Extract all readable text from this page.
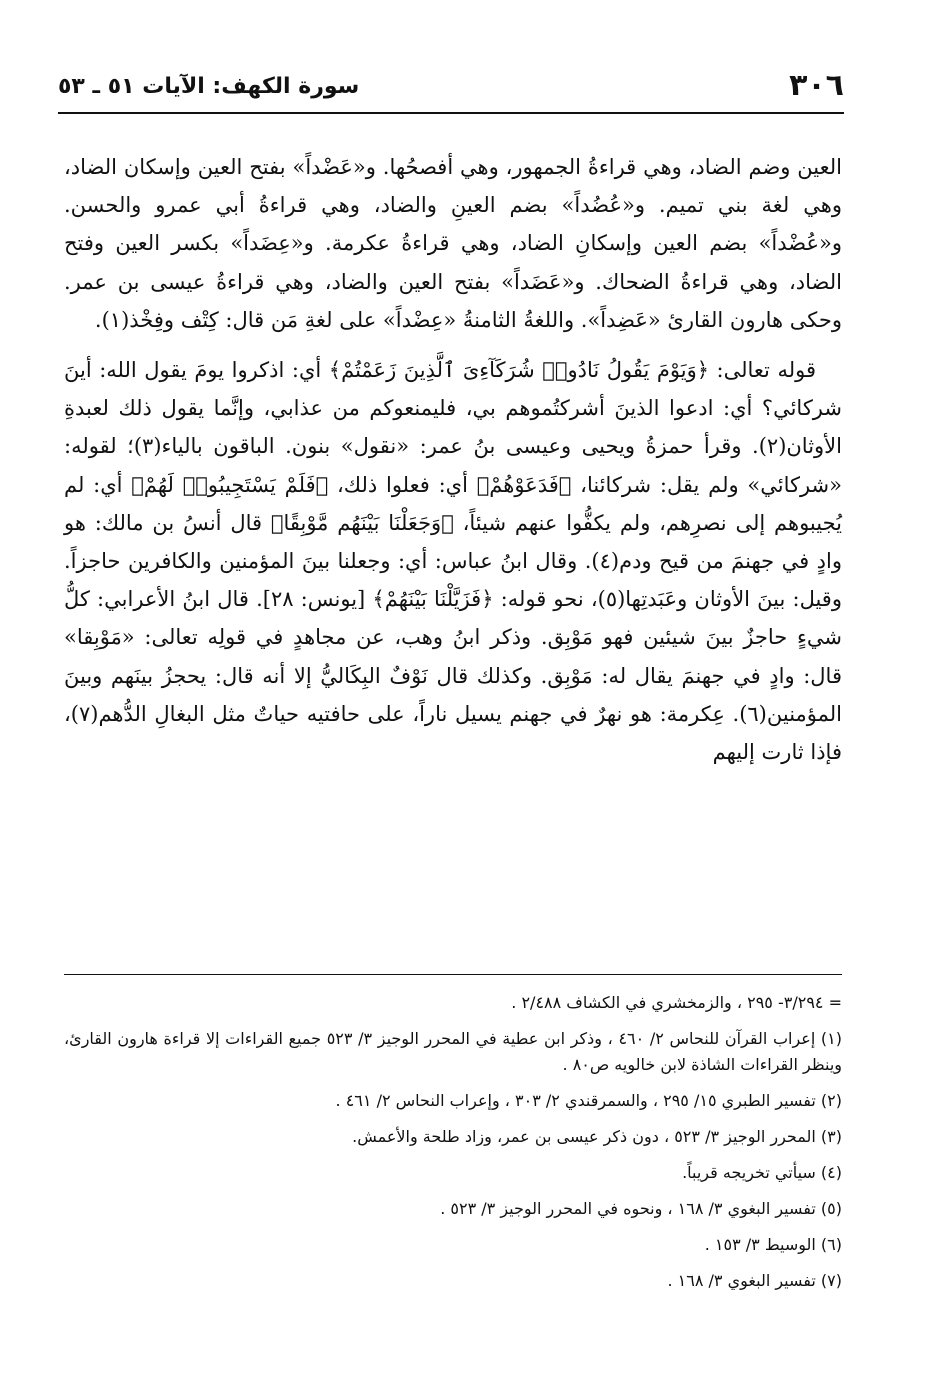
٣٠٦
سورة الكهف: الآيات ٥١ ـ ٥٣

العين وضم الضاد، وهي قراءةُ الجمهور، وهي أفصحُها. و«عَضْداً» بفتح العين وإسكان الضاد، وهي لغة بني تميم. و«عُضُداً» بضم العينِ والضاد، وهي قراءةُ أبي عمرو والحسن. و«عُضْداً» بضم العين وإسكانِ الضاد، وهي قراءةُ عكرمة. و«عِضَداً» بكسر العين وفتح الضاد، وهي قراءةُ الضحاك. و«عَضَداً» بفتح العين والضاد، وهي قراءةُ عيسى بن عمر. وحكى هارون القارئ «عَضِداً». واللغةُ الثامنةُ «عِضْداً» على لغةِ مَن قال: كِتْف وفِخْذ(١).

قوله تعالى: ﴿وَيَوْمَ يَقُولُ نَادُوا۟ شُرَكَآءِىَ ٱلَّذِينَ زَعَمْتُمْ﴾ أي: اذكروا يومَ يقول الله: أينَ شركائي؟ أي: ادعوا الذينَ أشركتُموهم بي، فليمنعوكم من عذابي، وإنَّما يقول ذلك لعبدةِ الأوثان(٢). وقرأ حمزةُ ويحيى وعيسى بنُ عمر: «نقول» بنون. الباقون بالياء(٣)؛ لقوله: «شركائي» ولم يقل: شركائنا، ﴿فَدَعَوْهُمْ﴾ أي: فعلوا ذلك، ﴿فَلَمْ يَسْتَجِيبُوا۟ لَهُمْ﴾ أي: لم يُجيبوهم إلى نصرِهم، ولم يكفُّوا عنهم شيئاً، ﴿وَجَعَلْنَا بَيْنَهُم مَّوْبِقًا﴾ قال أنسُ بن مالك: هو وادٍ في جهنمَ من قيح ودم(٤). وقال ابنُ عباس: أي: وجعلنا بينَ المؤمنين والكافرين حاجزاً. وقيل: بينَ الأوثان وعَبَدتِها(٥)، نحو قوله: ﴿فَزَيَّلْنَا بَيْنَهُمْ﴾ [يونس: ٢٨]. قال ابنُ الأعرابي: كلُّ شيءٍ حاجزٌ بينَ شيئين فهو مَوْبِق. وذكر ابنُ وهب، عن مجاهدٍ في قولِه تعالى: «مَوْبِقا» قال: وادٍ في جهنمَ يقال له: مَوْبِق. وكذلك قال نَوْفٌ البِكَاليُّ إلا أنه قال: يحجزُ بينَهم وبينَ المؤمنين(٦). عِكرمة: هو نهرٌ في جهنم يسيل ناراً، على حافتيه حياتٌ مثل البغالِ الدُّهم(٧)، فإذا ثارت إليهم

= ٣/٢٩٤- ٢٩٥ ، والزمخشري في الكشاف ٢/٤٨٨ .

(١) إعراب القرآن للنحاس ٢/ ٤٦٠ ، وذكر ابن عطية في المحرر الوجيز ٣/ ٥٢٣ جميع القراءات إلا قراءة هارون القارئ، وينظر القراءات الشاذة لابن خالويه ص٨٠ .

(٢) تفسير الطبري ١٥/ ٢٩٥ ، والسمرقندي ٢/ ٣٠٣ ، وإعراب النحاس ٢/ ٤٦١ .

(٣) المحرر الوجيز ٣/ ٥٢٣ ، دون ذكر عيسى بن عمر، وزاد طلحة والأعمش.

(٤) سيأتي تخريجه قريباً.

(٥) تفسير البغوي ٣/ ١٦٨ ، ونحوه في المحرر الوجيز ٣/ ٥٢٣ .

(٦) الوسيط ٣/ ١٥٣ .

(٧) تفسير البغوي ٣/ ١٦٨ .
